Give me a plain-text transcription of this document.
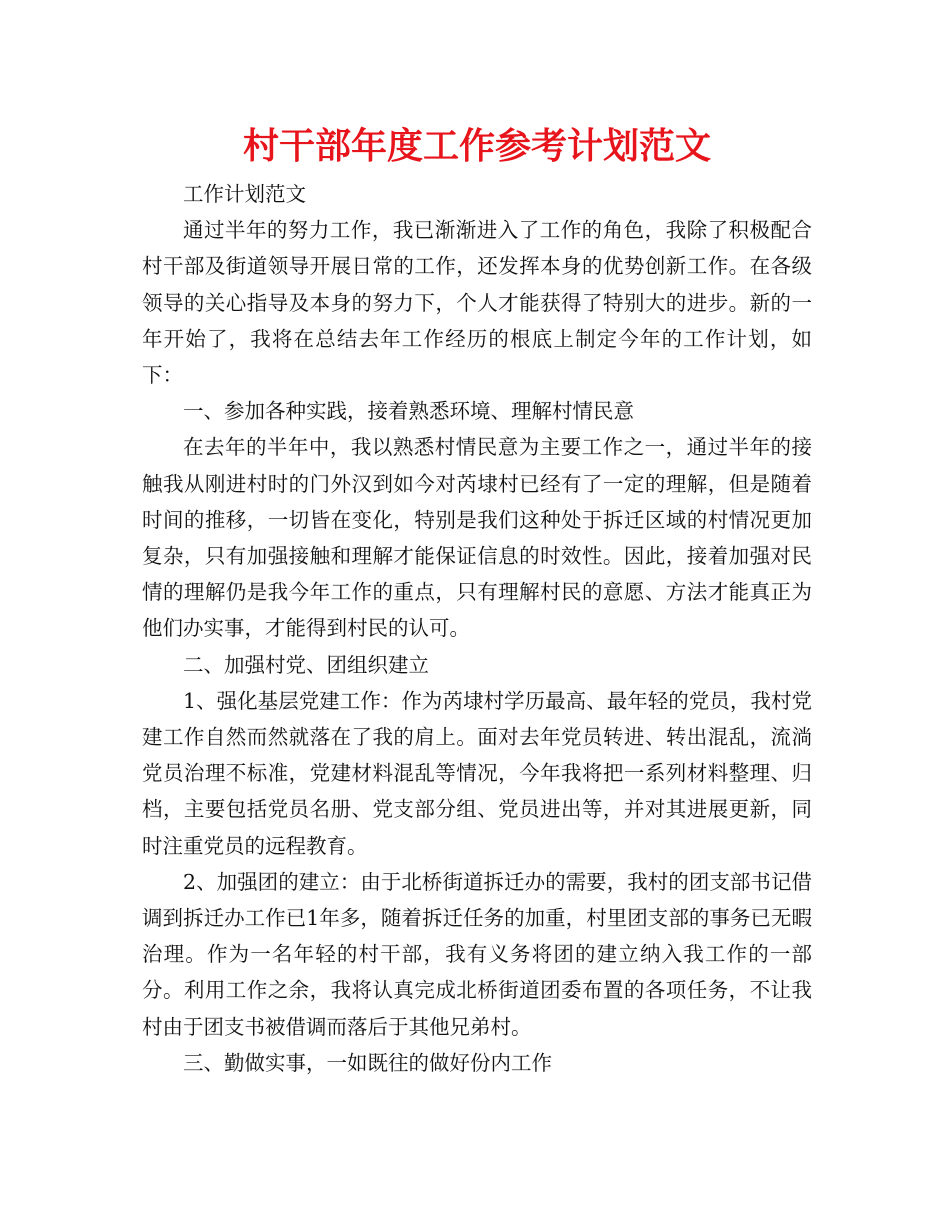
村干部年度工作参考计划范文

工作计划范文

通过半年的努力工作，我已渐渐进入了工作的角色，我除了积极配合村干部及街道领导开展日常的工作，还发挥本身的优势创新工作。在各级领导的关心指导及本身的努力下，个人才能获得了特别大的进步。新的一年开始了，我将在总结去年工作经历的根底上制定今年的工作计划，如下：

一、参加各种实践，接着熟悉环境、理解村情民意

在去年的半年中，我以熟悉村情民意为主要工作之一，通过半年的接触我从刚进村时的门外汉到如今对芮埭村已经有了一定的理解，但是随着时间的推移，一切皆在变化，特别是我们这种处于拆迁区域的村情况更加复杂，只有加强接触和理解才能保证信息的时效性。因此，接着加强对民情的理解仍是我今年工作的重点，只有理解村民的意愿、方法才能真正为他们办实事，才能得到村民的认可。

二、加强村党、团组织建立

1、强化基层党建工作：作为芮埭村学历最高、最年轻的党员，我村党建工作自然而然就落在了我的肩上。面对去年党员转进、转出混乱，流淌党员治理不标准，党建材料混乱等情况，今年我将把一系列材料整理、归档，主要包括党员名册、党支部分组、党员进出等，并对其进展更新，同时注重党员的远程教育。

2、加强团的建立：由于北桥街道拆迁办的需要，我村的团支部书记借调到拆迁办工作已1年多，随着拆迁任务的加重，村里团支部的事务已无暇治理。作为一名年轻的村干部，我有义务将团的建立纳入我工作的一部分。利用工作之余，我将认真完成北桥街道团委布置的各项任务，不让我村由于团支书被借调而落后于其他兄弟村。

三、勤做实事，一如既往的做好份内工作
